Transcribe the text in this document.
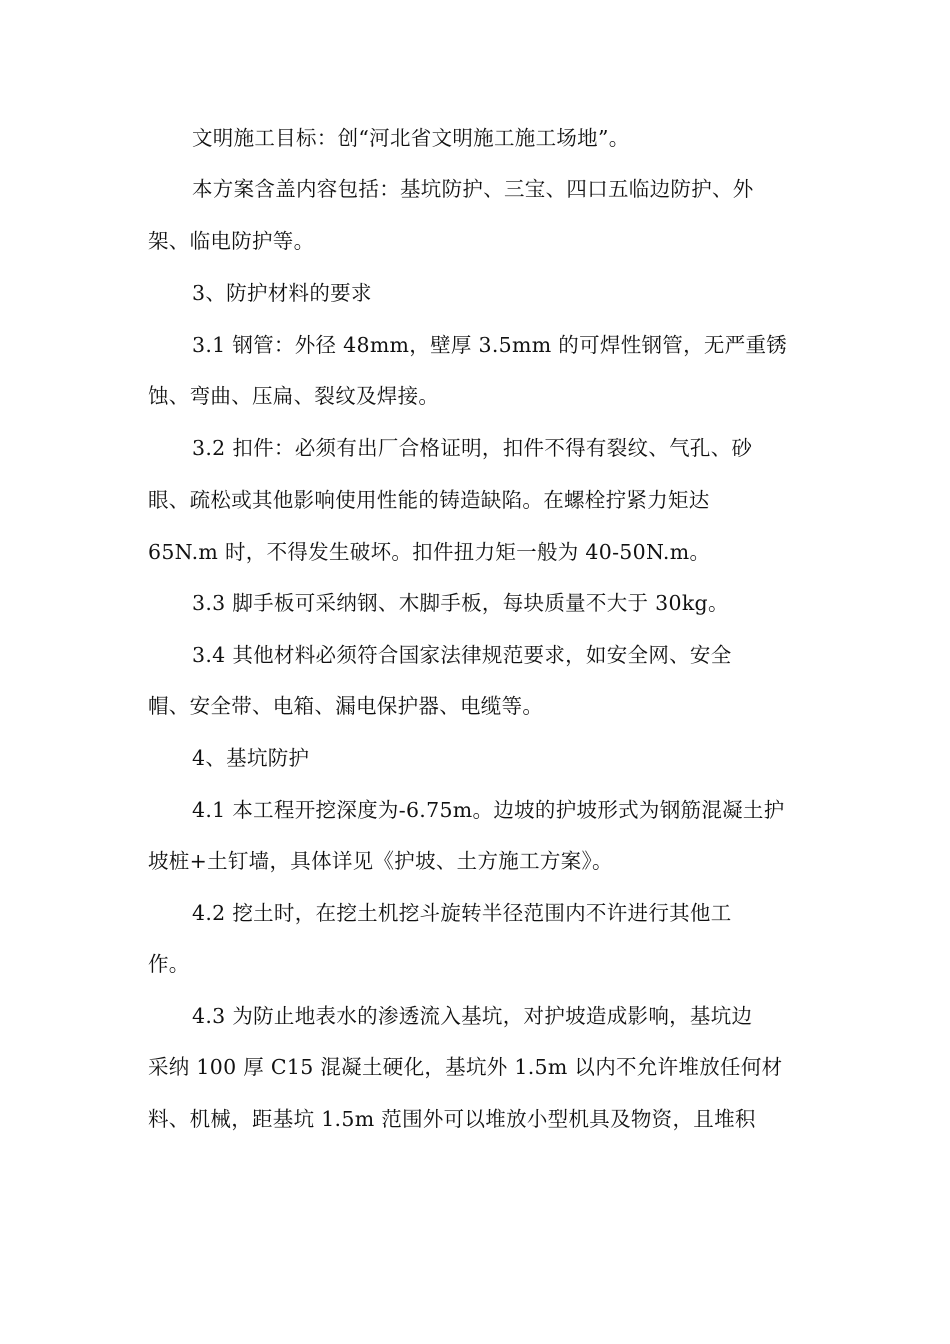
文明施工目标：创“河北省文明施工施工场地”。
本方案含盖内容包括：基坑防护、三宝、四口五临边防护、外
架、临电防护等。
3、防护材料的要求
3.1 钢管：外径 48mm，壁厚 3.5mm 的可焊性钢管，无严重锈
蚀、弯曲、压扁、裂纹及焊接。
3.2 扣件：必须有出厂合格证明，扣件不得有裂纹、气孔、砂
眼、疏松或其他影响使用性能的铸造缺陷。在螺栓拧紧力矩达
65N.m 时，不得发生破坏。扣件扭力矩一般为 40-50N.m。
3.3 脚手板可采纳钢、木脚手板，每块质量不大于 30kg。
3.4 其他材料必须符合国家法律规范要求，如安全网、安全
帽、安全带、电箱、漏电保护器、电缆等。
4、基坑防护
4.1 本工程开挖深度为-6.75m。边坡的护坡形式为钢筋混凝土护
坡桩+土钉墙，具体详见《护坡、土方施工方案》。
4.2 挖土时，在挖土机挖斗旋转半径范围内不许进行其他工
作。
4.3 为防止地表水的渗透流入基坑，对护坡造成影响，基坑边
采纳 100 厚 C15 混凝土硬化，基坑外 1.5m 以内不允许堆放任何材
料、机械，距基坑 1.5m 范围外可以堆放小型机具及物资，且堆积
